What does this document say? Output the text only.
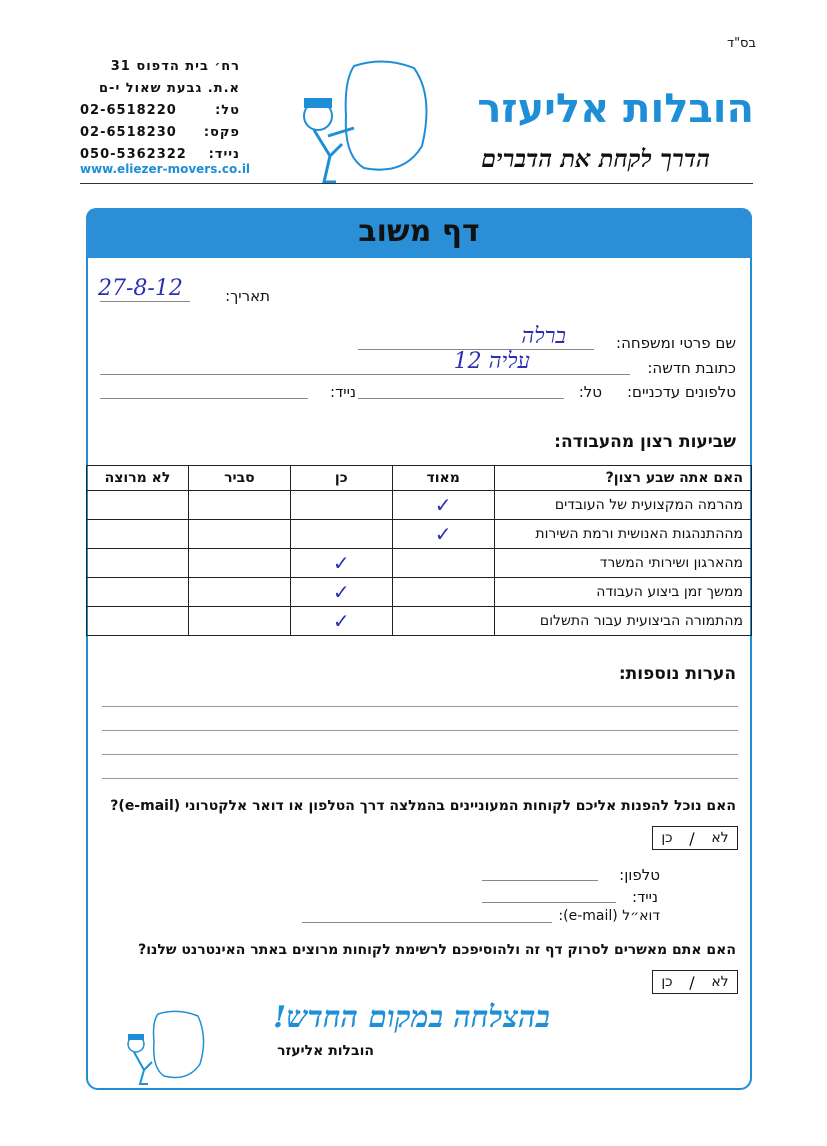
בס"ד
רח׳ בית הדפוס 31
א.ת. גבעת שאול י-ם
טל:
02-6518220
פקס:
02-6518230
נייד:
050-5362322
www.eliezer-movers.co.il
הובלות אליעזר
הדרך לקחת את הדברים
דף משוב
תאריך:
27-8-12
שם פרטי ומשפחה:
ברלה
כתובת חדשה:
עליה 12
טלפונים עדכניים:
טל:
נייד:
שביעות רצון מהעבודה:
האם אתה שבע רצון?	מאוד	כן	סביר	לא מרוצה
מהרמה המקצועית של העובדים	✓			
מההתנהגות האנושית ורמת השירות	✓			
מהארגון ושירותי המשרד		✓		
ממשך זמן ביצוע העבודה		✓		
מהתמורה הביצועית עבור התשלום		✓		
הערות נוספות:
האם נוכל להפנות אליכם לקוחות המעוניינים בהמלצה דרך הטלפון או דואר אלקטרוני (e-mail)?
לא
/
כן
טלפון:
נייד:
דוא״ל (e-mail):
האם אתם מאשרים לסרוק דף זה ולהוסיפכם לרשימת לקוחות מרוצים באתר האינטרנט שלנו?
לא
/
כן
בהצלחה במקום החדש!
הובלות אליעזר
